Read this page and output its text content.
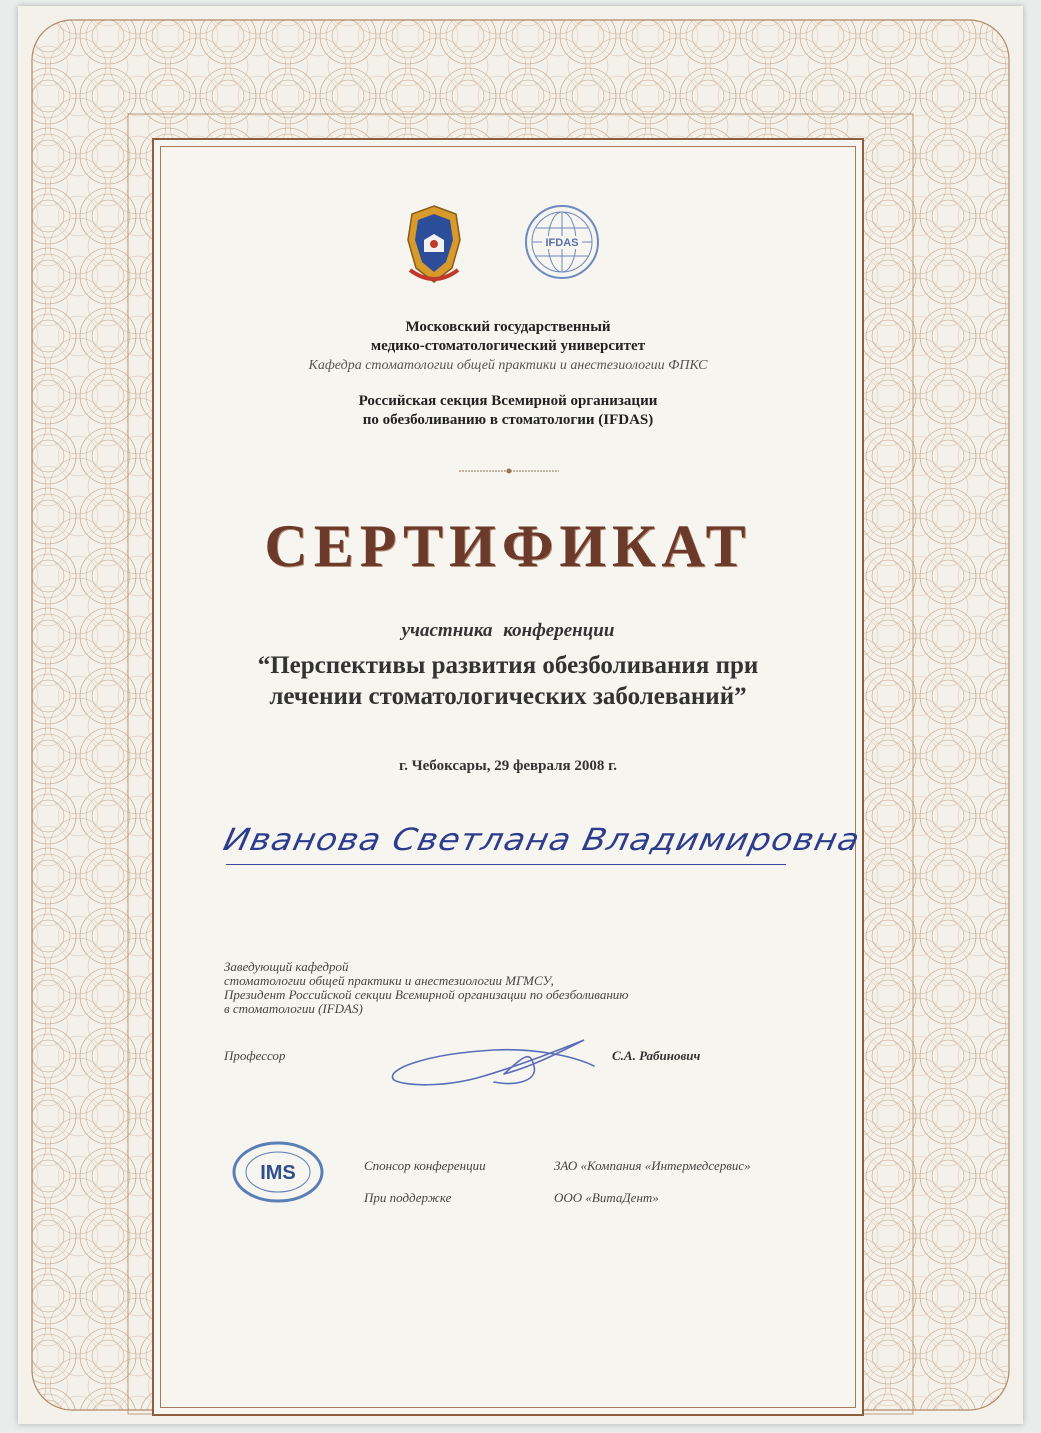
IFDAS
Московский государственный
медико-стоматологический университет
Кафедра стоматологии общей практики и анестезиологии ФПКС
Российская секция Всемирной организации
по обезболиванию в стоматологии (IFDAS)
СЕРТИФИКАТ
участника конференции
“Перспективы развития обезболивания при
лечении стоматологических заболеваний”
г. Чебоксары, 29 февраля 2008 г.
Иванова Светлана Владимировна
Заведующий кафедрой
стоматологии общей практики и анестезиологии МГМСУ,
Президент Российской секции Всемирной организации по обезболиванию
в стоматологии (IFDAS)
Профессор	С.А. Рабинович
IMS	Спонсор конференции	ЗАО «Компания «Интермедсервис»
При поддержке	ООО «ВитаДент»
